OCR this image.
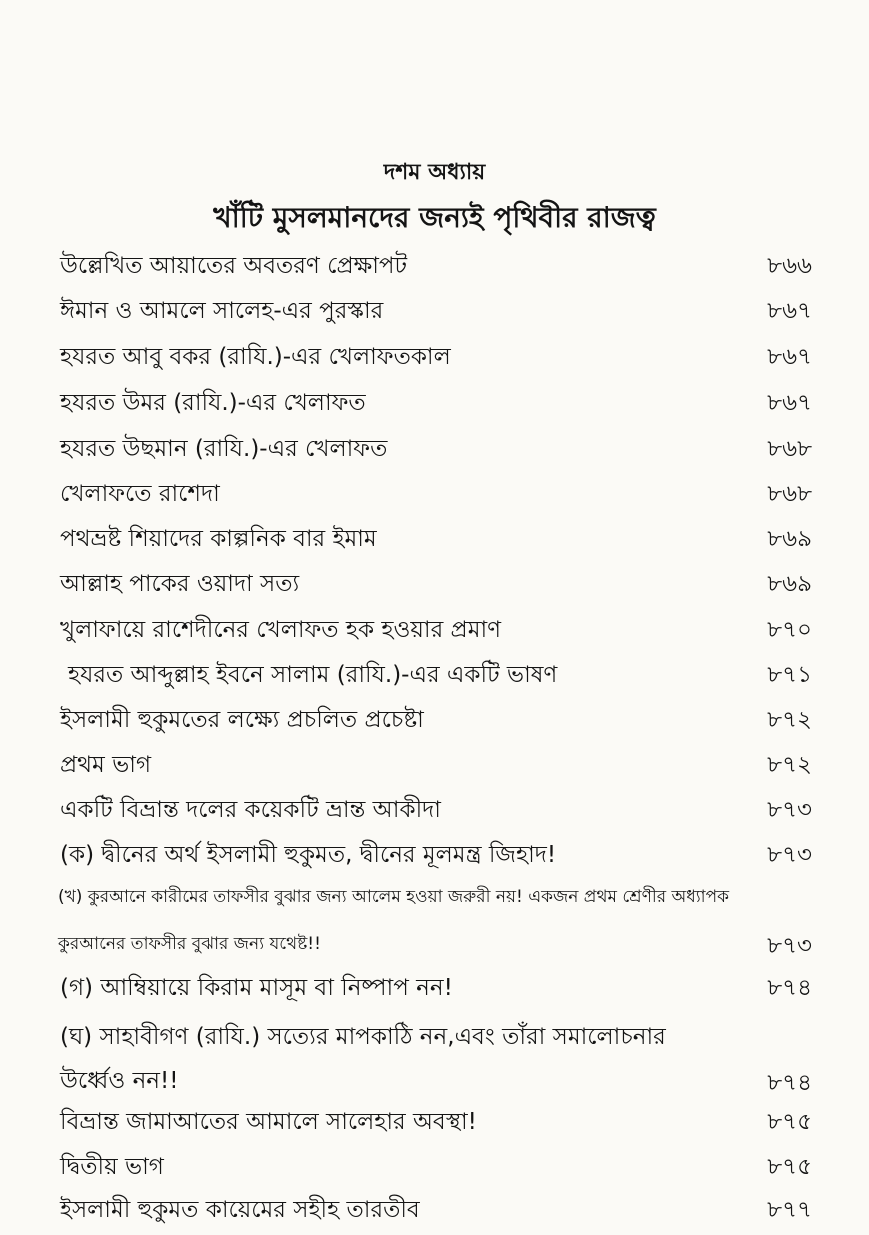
দশম অধ্যায়
খাঁটি মুসলমানদের জন্যই পৃথিবীর রাজত্ব
উল্লেখিত আয়াতের অবতরণ প্রেক্ষাপট	৮৬৬
ঈমান ও আমলে সালেহ-এর পুরস্কার	৮৬৭
হযরত আবু বকর (রাযি.)-এর খেলাফতকাল	৮৬৭
হযরত উমর (রাযি.)-এর খেলাফত	৮৬৭
হযরত উছমান (রাযি.)-এর খেলাফত	৮৬৮
খেলাফতে রাশেদা	৮৬৮
পথভ্রষ্ট শিয়াদের কাল্পনিক বার ইমাম	৮৬৯
আল্লাহ পাকের ওয়াদা সত্য	৮৬৯
খুলাফায়ে রাশেদীনের খেলাফত হক হওয়ার প্রমাণ	৮৭০
হযরত আব্দুল্লাহ ইবনে সালাম (রাযি.)-এর একটি ভাষণ	৮৭১
ইসলামী হুকুমতের লক্ষ্যে প্রচলিত প্রচেষ্টা	৮৭২
প্রথম ভাগ	৮৭২
একটি বিভ্রান্ত দলের কয়েকটি ভ্রান্ত আকীদা	৮৭৩
(ক) দ্বীনের অর্থ ইসলামী হুকুমত, দ্বীনের মূলমন্ত্র জিহাদ!	৮৭৩
(খ) কুরআনে কারীমের তাফসীর বুঝার জন্য আলেম হওয়া জরুরী নয়! একজন প্রথম শ্রেণীর অধ্যাপক
কুরআনের তাফসীর বুঝার জন্য যথেষ্ট!!	৮৭৩
(গ) আম্বিয়ায়ে কিরাম মাসূম বা নিষ্পাপ নন!	৮৭৪
(ঘ) সাহাবীগণ (রাযি.) সত্যের মাপকাঠি নন,এবং তাঁরা সমালোচনার
উর্ধ্বেও নন!!	৮৭৪
বিভ্রান্ত জামাআতের আমালে সালেহার অবস্থা!	৮৭৫
দ্বিতীয় ভাগ	৮৭৫
ইসলামী হুকুমত কায়েমের সহীহ তারতীব	৮৭৭
